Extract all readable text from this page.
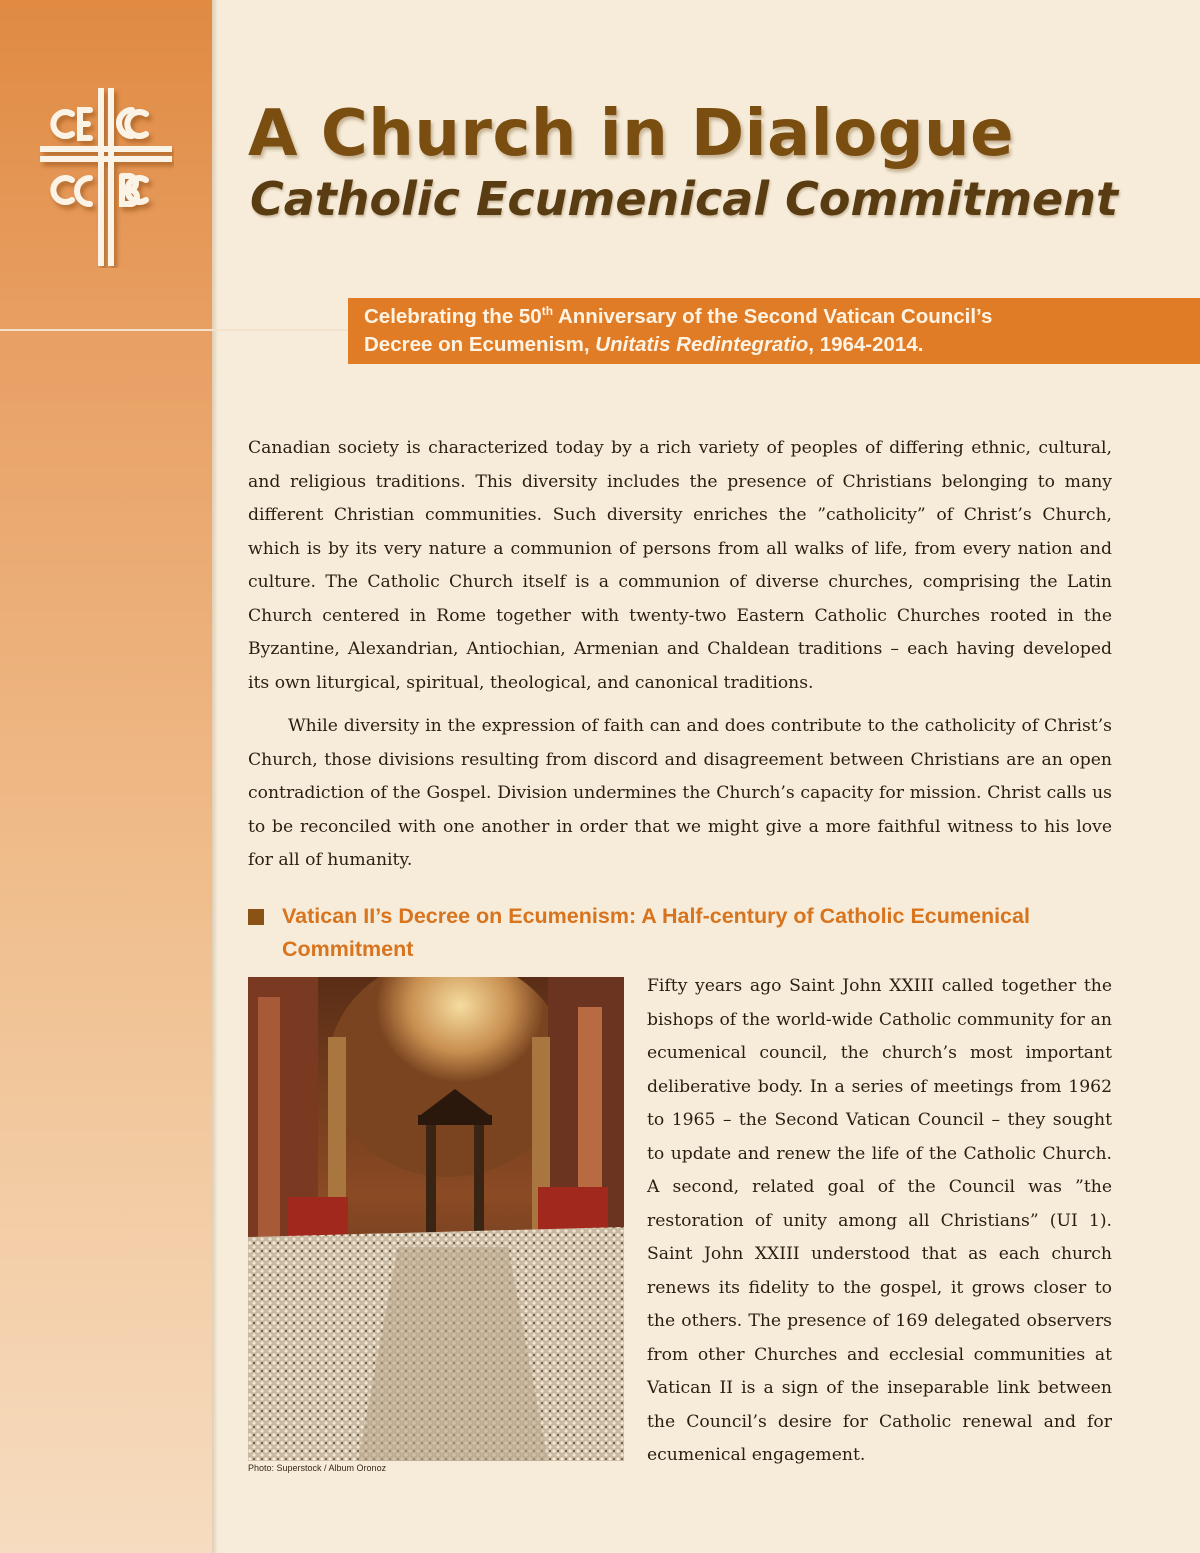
A Church in Dialogue
Catholic Ecumenical Commitment
Celebrating the 50th Anniversary of the Second Vatican Council’s
Decree on Ecumenism, Unitatis Redintegratio, 1964-2014.

Canadian society is characterized today by a rich variety of peoples of differing ethnic, cultural, and religious traditions. This diversity includes the presence of Christians belonging to many different Christian communities. Such diversity enriches the ”catholicity” of Christ’s Church, which is by its very nature a communion of persons from all walks of life, from every nation and culture. The Catholic Church itself is a communion of diverse churches, comprising the Latin Church centered in Rome together with twenty-two Eastern Catholic Churches rooted in the Byzantine, Alexandrian, Antiochian, Armenian and Chaldean traditions – each having developed its own liturgical, spiritual, theological, and canonical traditions.

While diversity in the expression of faith can and does contribute to the catholicity of Christ’s Church, those divisions resulting from discord and disagreement between Christians are an open contradiction of the Gospel. Division undermines the Church’s capacity for mission. Christ calls us to be reconciled with one another in order that we might give a more faithful witness to his love for all of humanity.

Vatican II’s Decree on Ecumenism: A Half-century of Catholic Ecumenical Commitment
Photo: Superstock / Album Oronoz

Fifty years ago Saint John XXIII called together the bishops of the world-wide Catholic community for an ecumenical council, the church’s most important deliberative body. In a series of meetings from 1962 to 1965 – the Second Vatican Council – they sought to update and renew the life of the Catholic Church. A second, related goal of the Council was ”the restoration of unity among all Christians” (UI 1). Saint John XXIII understood that as each church renews its fidelity to the gospel, it grows closer to the others. The presence of 169 delegated observers from other Churches and ecclesial communities at Vatican II is a sign of the inseparable link between the Council’s desire for Catholic renewal and for ecumenical engagement.
